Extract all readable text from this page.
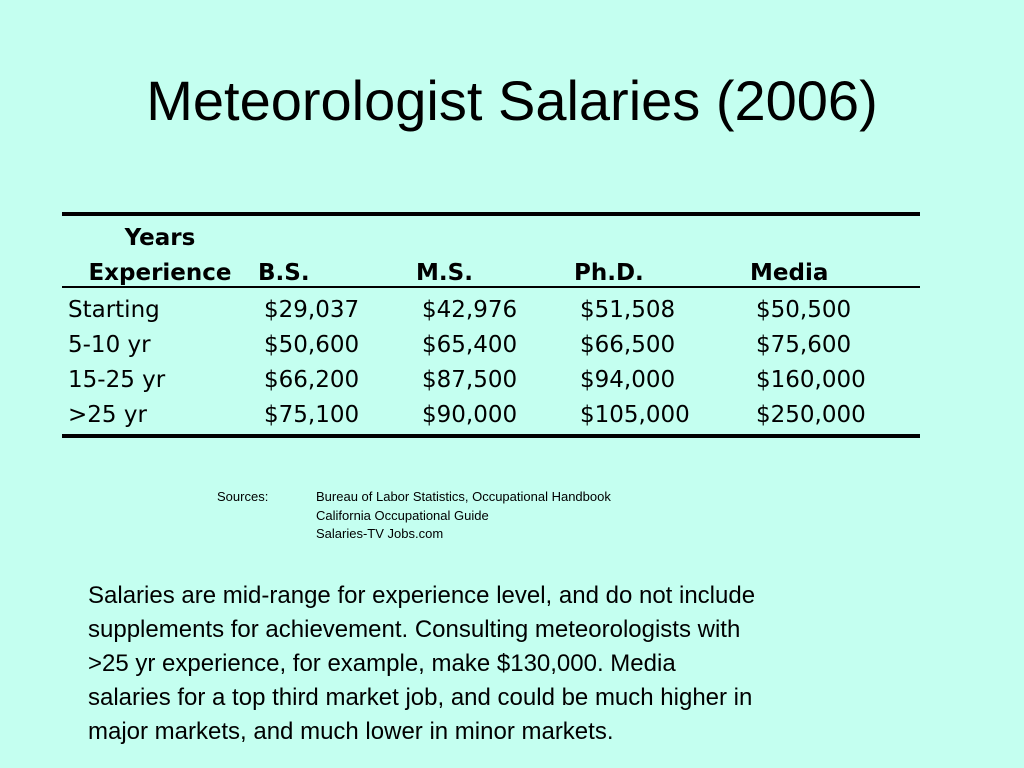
Meteorologist Salaries (2006)
Years				
Experience	B.S.	M.S.	Ph.D.	Media
Starting	$29,037	$42,976	$51,508	$50,500
5-10 yr	$50,600	$65,400	$66,500	$75,600
15-25 yr	$66,200	$87,500	$94,000	$160,000
>25 yr	$75,100	$90,000	$105,000	$250,000
Sources:	Bureau of Labor Statistics, Occupational Handbook
California Occupational Guide
Salaries-TV Jobs.com
Salaries are mid-range for experience level, and do not include
supplements for achievement. Consulting meteorologists with
>25 yr experience, for example, make $130,000. Media
salaries for a top third market job, and could be much higher in
major markets, and much lower in minor markets.
